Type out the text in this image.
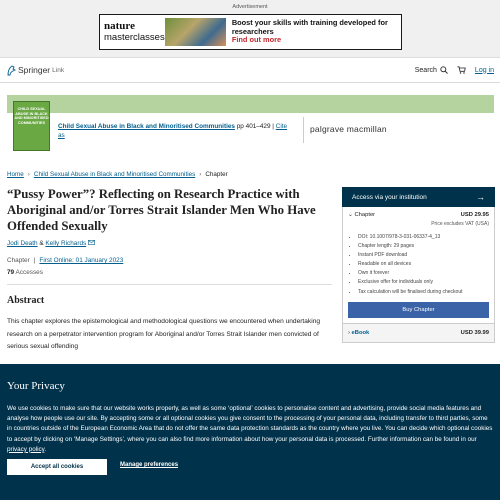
Advertisement
nature
masterclasses
Boost your skills with training developed for researchers
Find out more
Springer Link	Search	Log in
CHILD SEXUAL ABUSE IN BLACK AND MINORITISED COMMUNITIES	Child Sexual Abuse in Black and Minoritised Communities pp 401–429 | Cite as
palgrave macmillan
Home › Child Sexual Abuse in Black and Minoritised Communities › Chapter
“Pussy Power”? Reflecting on Research Practice with Aboriginal and/or Torres Strait Islander Men Who Have Offended Sexually
Jodi Death & Kelly Richards
Chapter | First Online: 01 January 2023
79 Accesses
Abstract

This chapter explores the epistemological and methodological questions we encountered when undertaking research on a perpetrator intervention program for Aboriginal and/or Torres Strait Islander men convicted of serious sexual offending

Access via your institution	→
⌄ Chapter	USD 29.95
Price excludes VAT (USA)
• DOI: 10.1007/978-3-031-06337-4_13
• Chapter length: 29 pages
• Instant PDF download
• Readable on all devices
• Own it forever
• Exclusive offer for individuals only
• Tax calculation will be finalised during checkout
Buy Chapter
› eBook	USD 39.99
Your Privacy

We use cookies to make sure that our website works properly, as well as some ‘optional’ cookies to personalise content and advertising, provide social media features and analyse how people use our site. By accepting some or all optional cookies you give consent to the processing of your personal data, including transfer to third parties, some in countries outside of the European Economic Area that do not offer the same data protection standards as the country where you live. You can decide which optional cookies to accept by clicking on ‘Manage Settings’, where you can also find more information about how your personal data is processed. Further information can be found in our privacy policy.

Accept all cookies	Manage preferences
